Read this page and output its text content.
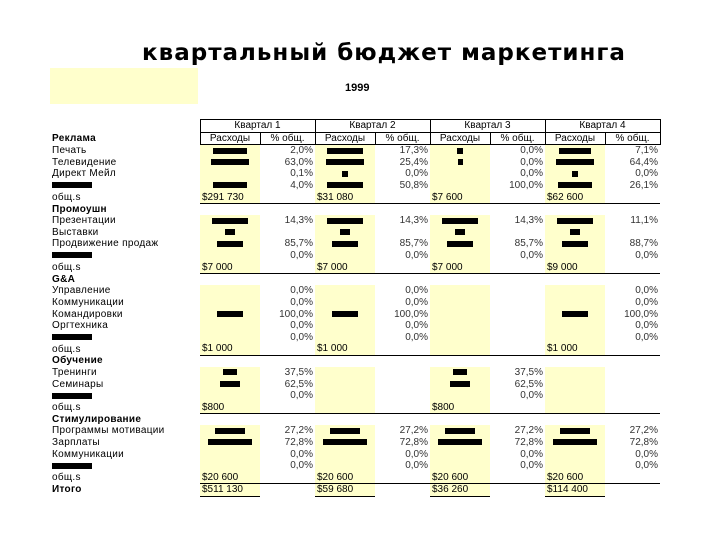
квартальный бюджет маркетинга
1999
	Квартал 1		Квартал 2		Квартал 3		Квартал 4	
Реклама	Расходы	% общ.	Расходы	% общ.	Расходы	% общ.	Расходы	% общ.
Печать		2,0%		17,3%		0,0%		7,1%
Телевидение		63,0%		25,4%		0,0%		64,4%
Директ Мейл		0,1%		0,0%		0,0%		0,0%
		4,0%		50,8%		100,0%		26,1%
общ.s	$291 730		$31 080		$7 600		$62 600	
Промоушн								
Презентации		14,3%		14,3%		14,3%		11,1%
Выставки								
Продвижение продаж		85,7%		85,7%		85,7%		88,7%
		0,0%		0,0%		0,0%		0,0%
общ.s	$7 000		$7 000		$7 000		$9 000	
G&A								
Управление		0,0%		0,0%				0,0%
Коммуникации		0,0%		0,0%				0,0%
Командировки		100,0%		100,0%				100,0%
Оргтехника		0,0%		0,0%				0,0%
		0,0%		0,0%				0,0%
общ.s	$1 000		$1 000				$1 000	
Обучение								
Тренинги		37,5%				37,5%		
Семинары		62,5%				62,5%		
		0,0%				0,0%		
общ.s	$800				$800			
Стимулирование								
Программы мотивации		27,2%		27,2%		27,2%		27,2%
Зарплаты		72,8%		72,8%		72,8%		72,8%
Коммуникации		0,0%		0,0%		0,0%		0,0%
		0,0%		0,0%		0,0%		0,0%
общ.s	$20 600		$20 600		$20 600		$20 600	
Итого	$511 130		$59 680		$36 260		$114 400	
